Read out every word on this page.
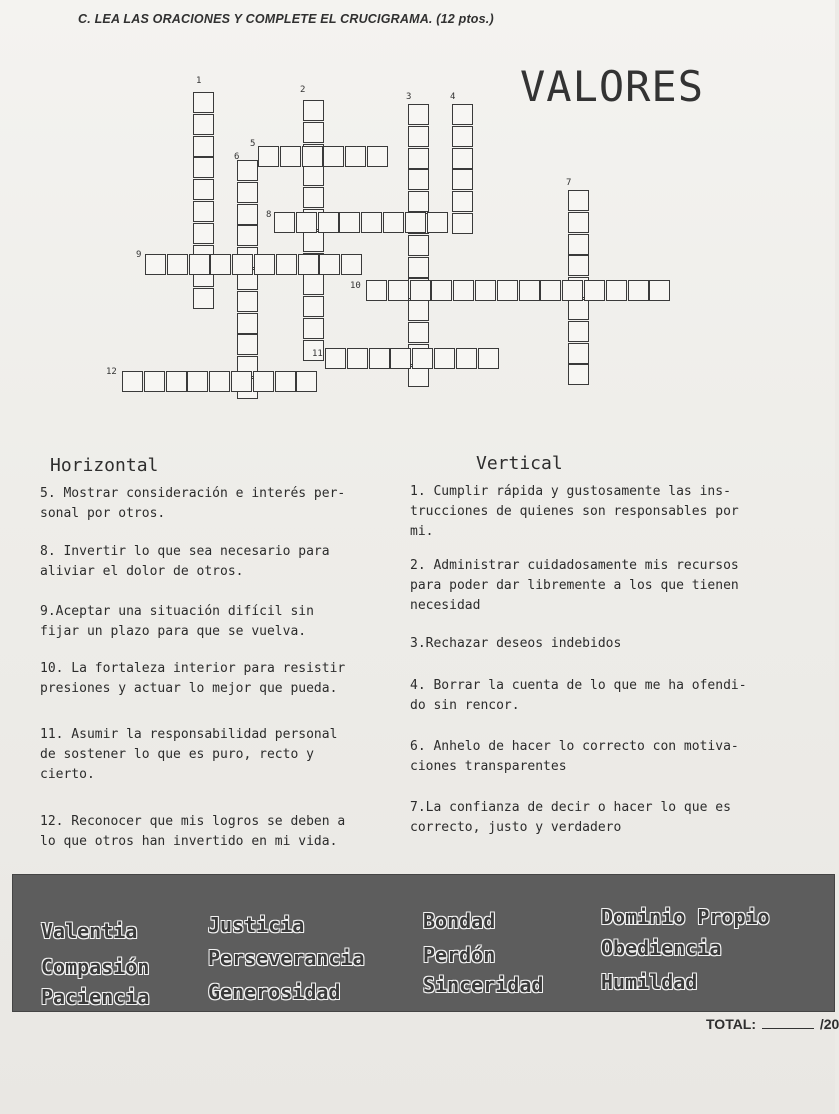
C. LEA LAS ORACIONES Y COMPLETE EL CRUCIGRAMA. (12 ptos.)
VALORES
1
2
3	4
5
6
7
8
9
10
11
12
Horizontal	Vertical
5. Mostrar consideración e interés per-
sonal por otros.
8. Invertir lo que sea necesario para
aliviar el dolor de otros.
9.Aceptar una situación difícil sin
fijar un plazo para que se vuelva.
10. La fortaleza interior para resistir
presiones y actuar lo mejor que pueda.
11. Asumir la responsabilidad personal
de sostener lo que es puro, recto y
cierto.
12. Reconocer que mis logros se deben a
lo que otros han invertido en mi vida.
1. Cumplir rápida y gustosamente las ins-
trucciones de quienes son responsables por
mi.
2. Administrar cuidadosamente mis recursos
para poder dar libremente a los que tienen
necesidad
3.Rechazar deseos indebidos
4. Borrar la cuenta de lo que me ha ofendi-
do sin rencor.
6. Anhelo de hacer lo correcto con motiva-
ciones transparentes
7.La confianza de decir o hacer lo que es
correcto, justo y verdadero
Valentia	Justicia	Bondad	Dominio Propio
Compasión	Perseverancia	Perdón	Obediencia
Paciencia	Generosidad	Sinceridad	Humildad
TOTAL:	/20
